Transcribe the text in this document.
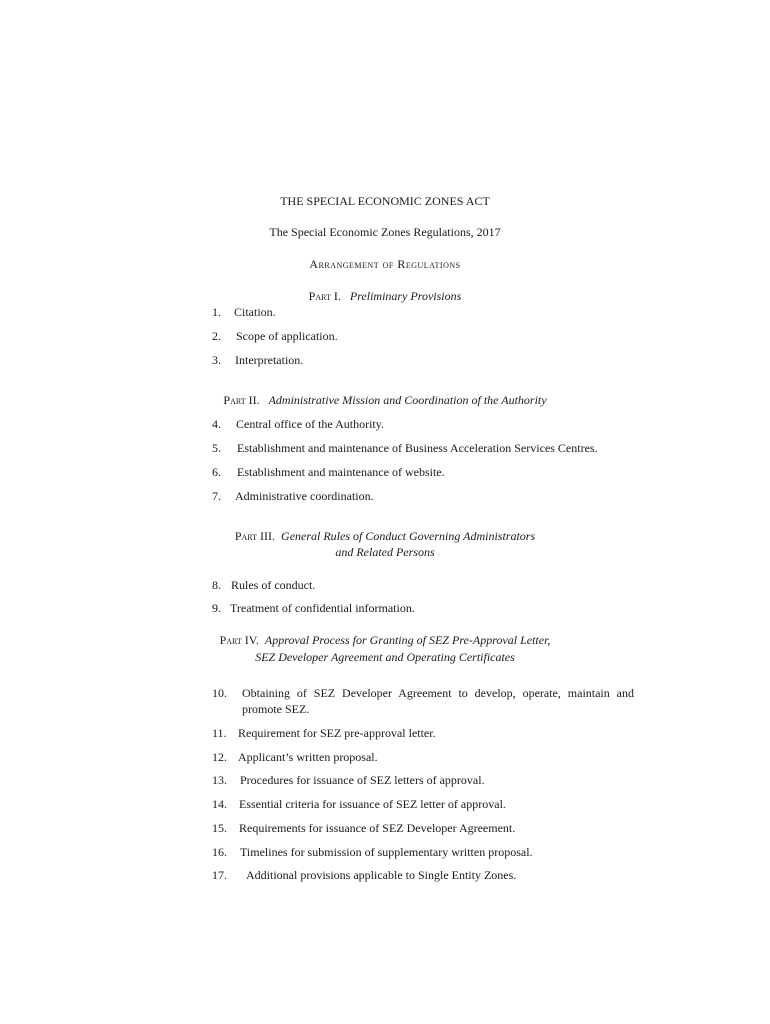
THE SPECIAL ECONOMIC ZONES ACT
The Special Economic Zones Regulations, 2017
Arrangement of Regulations
Part I. Preliminary Provisions
1. Citation.
2. Scope of application.
3. Interpretation.
Part II. Administrative Mission and Coordination of the Authority
4. Central office of the Authority.
5. Establishment and maintenance of Business Acceleration Services Centres.
6. Establishment and maintenance of website.
7. Administrative coordination.
Part III. General Rules of Conduct Governing Administrators
and Related Persons
8. Rules of conduct.
9. Treatment of confidential information.
Part IV. Approval Process for Granting of SEZ Pre-Approval Letter,
SEZ Developer Agreement and Operating Certificates
10. Obtaining of SEZ Developer Agreement to develop, operate, maintain and promote SEZ.
11. Requirement for SEZ pre-approval letter.
12. Applicant’s written proposal.
13. Procedures for issuance of SEZ letters of approval.
14. Essential criteria for issuance of SEZ letter of approval.
15. Requirements for issuance of SEZ Developer Agreement.
16. Timelines for submission of supplementary written proposal.
17. Additional provisions applicable to Single Entity Zones.
